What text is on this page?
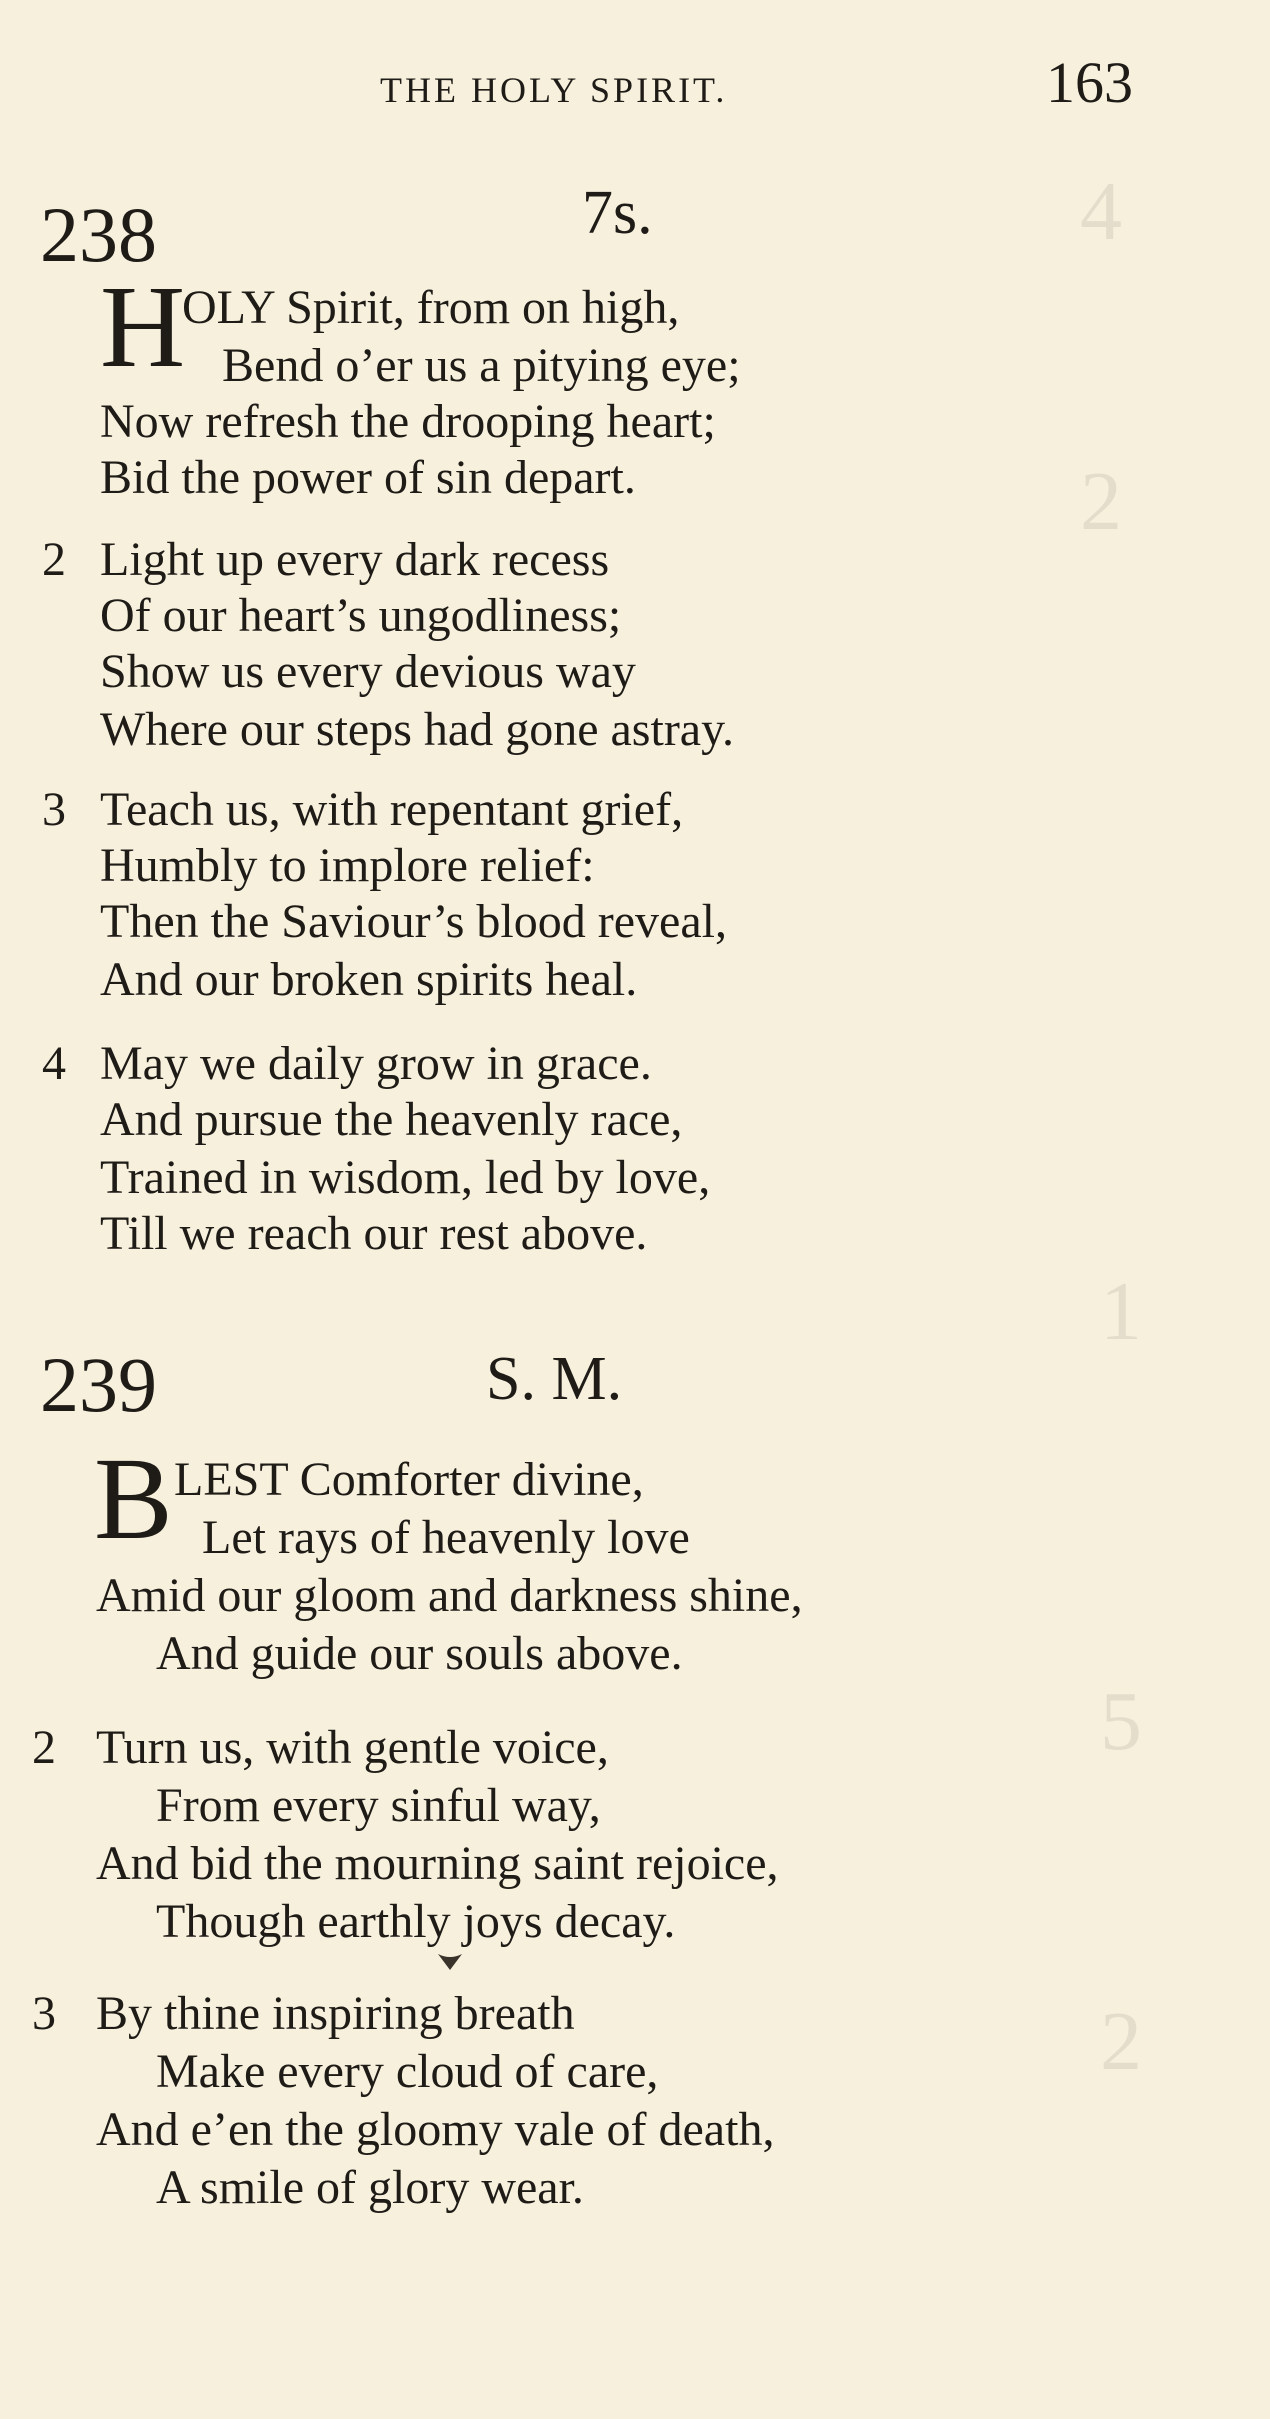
4
2
1
5
2
THE HOLY SPIRIT.	163
238	7s.
H
OLY Spirit, from on high,
Bend o’er us a pitying eye;
Now refresh the drooping heart;
Bid the power of sin depart.
2 Light up every dark recess
Of our heart’s ungodliness;
Show us every devious way
Where our steps had gone astray.
3 Teach us, with repentant grief,
Humbly to implore relief:
Then the Saviour’s blood reveal,
And our broken spirits heal.
4 May we daily grow in grace.
And pursue the heavenly race,
Trained in wisdom, led by love,
Till we reach our rest above.
239	S. M.
B LEST Comforter divine,
Let rays of heavenly love
Amid our gloom and darkness shine,
And guide our souls above.
2 Turn us, with gentle voice,
From every sinful way,
And bid the mourning saint rejoice,
Though earthly joys decay.
3 By thine inspiring breath
Make every cloud of care,
And e’en the gloomy vale of death,
A smile of glory wear.
